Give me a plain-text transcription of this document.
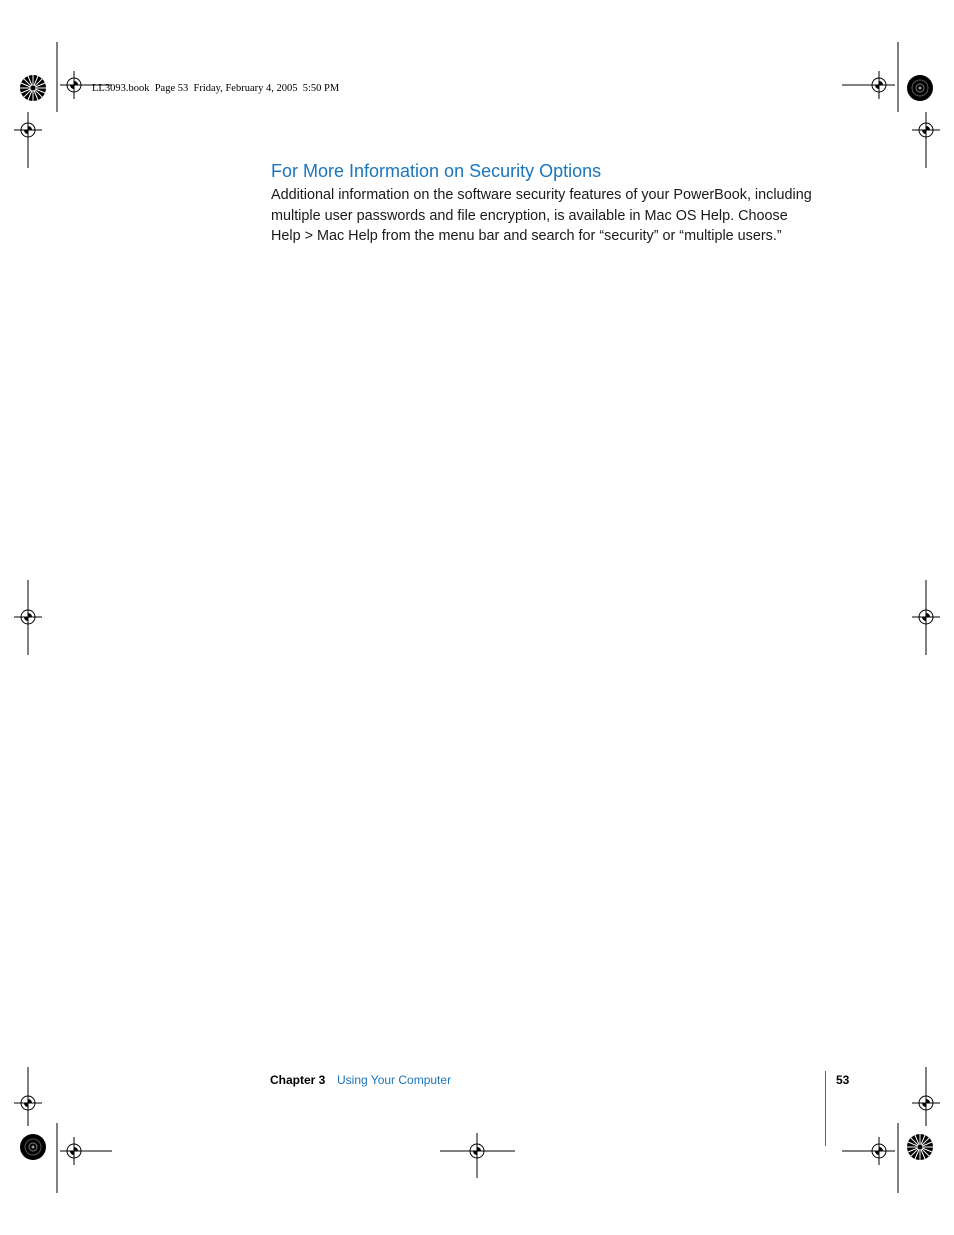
LL3093.book  Page 53  Friday, February 4, 2005  5:50 PM
For More Information on Security Options

Additional information on the software security features of your PowerBook, including
multiple user passwords and file encryption, is available in Mac OS Help. Choose
Help > Mac Help from the menu bar and search for “security” or “multiple users.”

Chapter 3 Using Your Computer	53
